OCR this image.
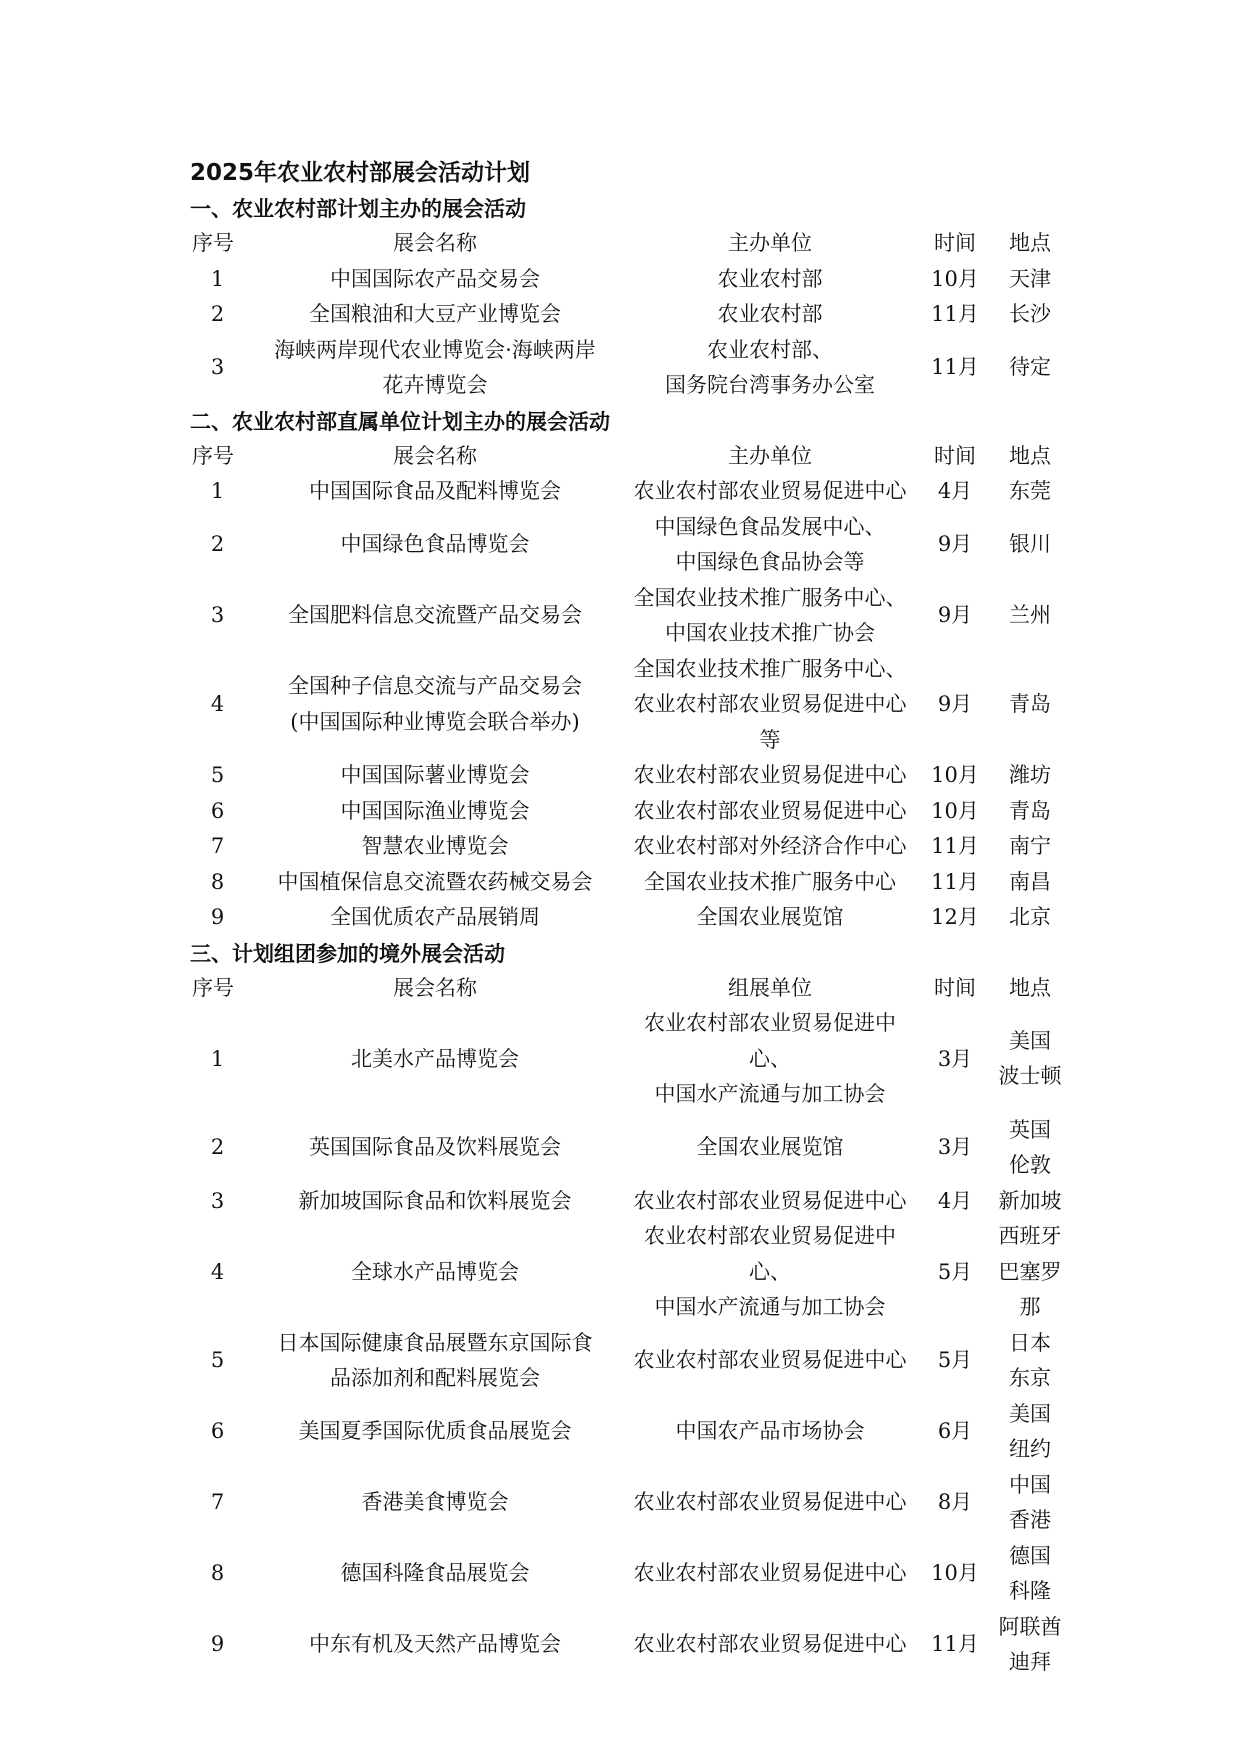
2025年农业农村部展会活动计划
一、农业农村部计划主办的展会活动
序号	展会名称	主办单位	时间	地点
1	中国国际农产品交易会	农业农村部	10月	天津
2	全国粮油和大豆产业博览会	农业农村部	11月	长沙
3	海峡两岸现代农业博览会·海峡两岸
花卉博览会	农业农村部、
国务院台湾事务办公室	11月	待定
二、农业农村部直属单位计划主办的展会活动
序号	展会名称	主办单位	时间	地点
1	中国国际食品及配料博览会	农业农村部农业贸易促进中心	4月	东莞
2	中国绿色食品博览会	中国绿色食品发展中心、
中国绿色食品协会等	9月	银川
3	全国肥料信息交流暨产品交易会	全国农业技术推广服务中心、
中国农业技术推广协会	9月	兰州
4	全国种子信息交流与产品交易会
(中国国际种业博览会联合举办)	全国农业技术推广服务中心、
农业农村部农业贸易促进中心等	9月	青岛
5	中国国际薯业博览会	农业农村部农业贸易促进中心	10月	潍坊
6	中国国际渔业博览会	农业农村部农业贸易促进中心	10月	青岛
7	智慧农业博览会	农业农村部对外经济合作中心	11月	南宁
8	中国植保信息交流暨农药械交易会	全国农业技术推广服务中心	11月	南昌
9	全国优质农产品展销周	全国农业展览馆	12月	北京
三、计划组团参加的境外展会活动
序号	展会名称	组展单位	时间	地点
1	北美水产品博览会	农业农村部农业贸易促进中心、
中国水产流通与加工协会	3月	美国
波士顿
2	英国国际食品及饮料展览会	全国农业展览馆	3月	英国
伦敦
3	新加坡国际食品和饮料展览会	农业农村部农业贸易促进中心	4月	新加坡
4	全球水产品博览会	农业农村部农业贸易促进中心、
中国水产流通与加工协会	5月	西班牙
巴塞罗那
5	日本国际健康食品展暨东京国际食
品添加剂和配料展览会	农业农村部农业贸易促进中心	5月	日本
东京
6	美国夏季国际优质食品展览会	中国农产品市场协会	6月	美国
纽约
7	香港美食博览会	农业农村部农业贸易促进中心	8月	中国
香港
8	德国科隆食品展览会	农业农村部农业贸易促进中心	10月	德国
科隆
9	中东有机及天然产品博览会	农业农村部农业贸易促进中心	11月	阿联酋
迪拜
